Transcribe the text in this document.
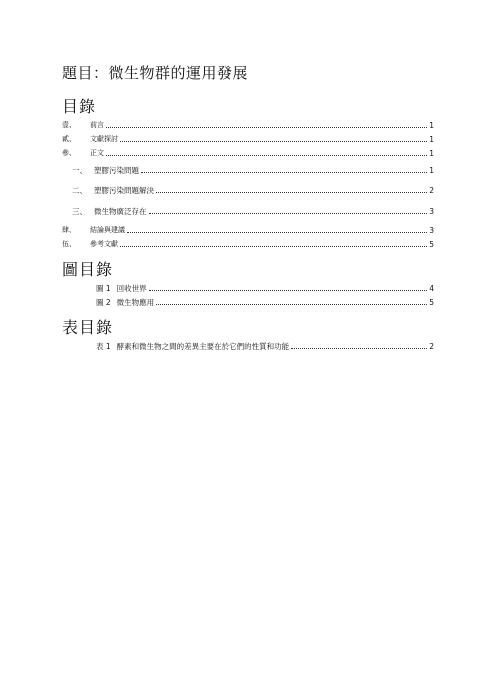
題目：微生物群的運用發展
目錄
壹、	前言	1
貳、	文獻探討	1
參、	正文	1
一、 塑膠污染問題	1
二、 塑膠污染問題解決	2
三、 微生物廣泛存在	3
肆、	結論與建議	3
伍、	參考文獻	5
圖目錄
圖 1 回收世界	4
圖 2 微生物應用	5
表目錄
表 1 酵素和微生物之間的差異主要在於它們的性質和功能	2
